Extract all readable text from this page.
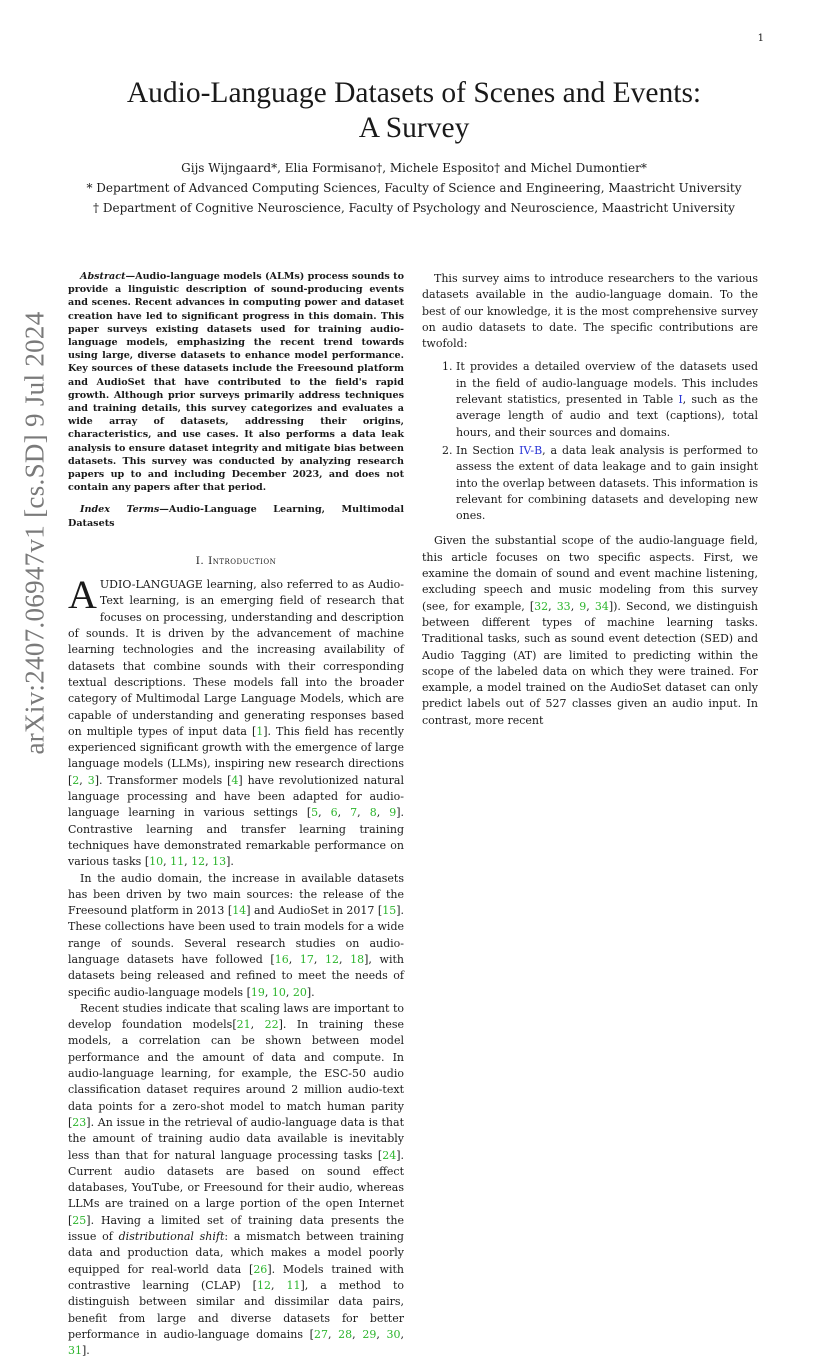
1
arXiv:2407.06947v1 [cs.SD] 9 Jul 2024
Audio-Language Datasets of Scenes and Events:
A Survey
Gijs Wijngaard*, Elia Formisano†, Michele Esposito† and Michel Dumontier*
* Department of Advanced Computing Sciences, Faculty of Science and Engineering, Maastricht University
† Department of Cognitive Neuroscience, Faculty of Psychology and Neuroscience, Maastricht University

Abstract—Audio-language models (ALMs) process sounds to provide a linguistic description of sound-producing events and scenes. Recent advances in computing power and dataset creation have led to significant progress in this domain. This paper surveys existing datasets used for training audio-language models, emphasizing the recent trend towards using large, diverse datasets to enhance model performance. Key sources of these datasets include the Freesound platform and AudioSet that have contributed to the field's rapid growth. Although prior surveys primarily address techniques and training details, this survey categorizes and evaluates a wide array of datasets, addressing their origins, characteristics, and use cases. It also performs a data leak analysis to ensure dataset integrity and mitigate bias between datasets. This survey was conducted by analyzing research papers up to and including December 2023, and does not contain any papers after that period.

Index Terms—Audio-Language Learning, Multimodal Datasets

I. Introduction

AUDIO-LANGUAGE learning, also referred to as Audio-Text learning, is an emerging field of research that focuses on processing, understanding and description of sounds. It is driven by the advancement of machine learning technologies and the increasing availability of datasets that combine sounds with their corresponding textual descriptions. These models fall into the broader category of Multimodal Large Language Models, which are capable of understanding and generating responses based on multiple types of input data [1]. This field has recently experienced significant growth with the emergence of large language models (LLMs), inspiring new research directions [2, 3]. Transformer models [4] have revolutionized natural language processing and have been adapted for audio-language learning in various settings [5, 6, 7, 8, 9]. Contrastive learning and transfer learning training techniques have demonstrated remarkable performance on various tasks [10, 11, 12, 13].

In the audio domain, the increase in available datasets has been driven by two main sources: the release of the Freesound platform in 2013 [14] and AudioSet in 2017 [15]. These collections have been used to train models for a wide range of sounds. Several research studies on audio-language datasets have followed [16, 17, 12, 18], with datasets being released and refined to meet the needs of specific audio-language models [19, 10, 20].

Recent studies indicate that scaling laws are important to develop foundation models[21, 22]. In training these models, a correlation can be shown between model performance and the amount of data and compute. In audio-language learning, for example, the ESC-50 audio classification dataset requires around 2 million audio-text data points for a zero-shot model to match human parity [23]. An issue in the retrieval of audio-language data is that the amount of training audio data available is inevitably less than that for natural language processing tasks [24]. Current audio datasets are based on sound effect databases, YouTube, or Freesound for their audio, whereas LLMs are trained on a large portion of the open Internet [25]. Having a limited set of training data presents the issue of distributional shift: a mismatch between training data and production data, which makes a model poorly equipped for real-world data [26]. Models trained with contrastive learning (CLAP) [12, 11], a method to distinguish between similar and dissimilar data pairs, benefit from large and diverse datasets for better performance in audio-language domains [27, 28, 29, 30, 31].

This survey aims to introduce researchers to the various datasets available in the audio-language domain. To the best of our knowledge, it is the most comprehensive survey on audio datasets to date. The specific contributions are twofold:

1. It provides a detailed overview of the datasets used in the field of audio-language models. This includes relevant statistics, presented in Table I, such as the average length of audio and text (captions), total hours, and their sources and domains.
2. In Section IV-B, a data leak analysis is performed to assess the extent of data leakage and to gain insight into the overlap between datasets. This information is relevant for combining datasets and developing new ones.

Given the substantial scope of the audio-language field, this article focuses on two specific aspects. First, we examine the domain of sound and event machine listening, excluding speech and music modeling from this survey (see, for example, [32, 33, 9, 34]). Second, we distinguish between different types of machine learning tasks. Traditional tasks, such as sound event detection (SED) and Audio Tagging (AT) are limited to predicting within the scope of the labeled data on which they were trained. For example, a model trained on the AudioSet dataset can only predict labels out of 527 classes given an audio input. In contrast, more recent
